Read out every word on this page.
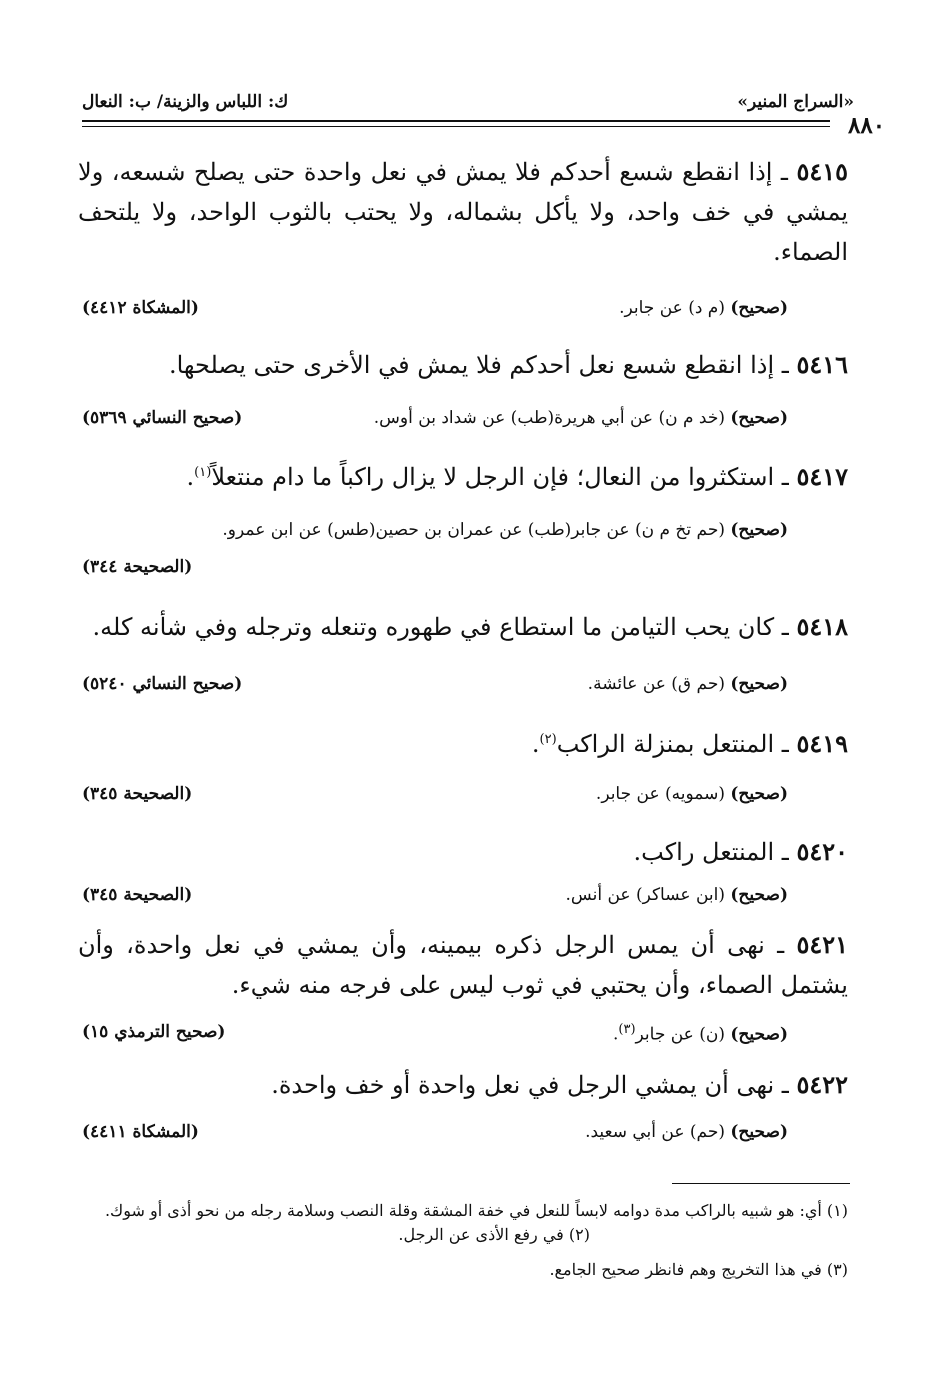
«السراج المنير»
ك: اللباس والزينة/ ب: النعال
٨٨٠
٥٤١٥ ـ إذا انقطع شسع أحدكم فلا يمش في نعل واحدة حتى يصلح شسعه، ولا يمشي في خف واحد، ولا يأكل بشماله، ولا يحتب بالثوب الواحد، ولا يلتحف الصماء.
(صحيح) (م د) عن جابر.
(المشكاة ٤٤١٢)
٥٤١٦ ـ إذا انقطع شسع نعل أحدكم فلا يمش في الأخرى حتى يصلحها.
(صحيح) (خد م ن) عن أبي هريرة(طب) عن شداد بن أوس.
(صحيح النسائي ٥٣٦٩)
٥٤١٧ ـ استكثروا من النعال؛ فإن الرجل لا يزال راكباً ما دام منتعلاً$^{(١)}$.
(صحيح) (حم تخ م ن) عن جابر(طب) عن عمران بن حصين(طس) عن ابن عمرو.
(الصحيحة ٣٤٤)
٥٤١٨ ـ كان يحب التيامن ما استطاع في طهوره وتنعله وترجله وفي شأنه كله.
(صحيح) (حم ق) عن عائشة.
(صحيح النسائي ٥٢٤٠)
٥٤١٩ ـ المنتعل بمنزلة الراكب$^{(٢)}$.
(صحيح) (سمويه) عن جابر.
(الصحيحة ٣٤٥)
٥٤٢٠ ـ المنتعل راكب.
(صحيح) (ابن عساكر) عن أنس.
(الصحيحة ٣٤٥)
٥٤٢١ ـ نهى أن يمس الرجل ذكره بيمينه، وأن يمشي في نعل واحدة، وأن يشتمل الصماء، وأن يحتبي في ثوب ليس على فرجه منه شيء.
(صحيح) (ن) عن جابر$^{(٣)}$.
(صحيح الترمذي ١٥)
٥٤٢٢ ـ نهى أن يمشي الرجل في نعل واحدة أو خف واحدة.
(صحيح) (حم) عن أبي سعيد.
(المشكاة ٤٤١١)
(١) أي: هو شبيه بالراكب مدة دوامه لابساً للنعل في خفة المشقة وقلة النصب وسلامة رجله من نحو أذى أو شوك.
(٢) في رفع الأذى عن الرجل.
(٣) في هذا التخريج وهم فانظر صحيح الجامع.
